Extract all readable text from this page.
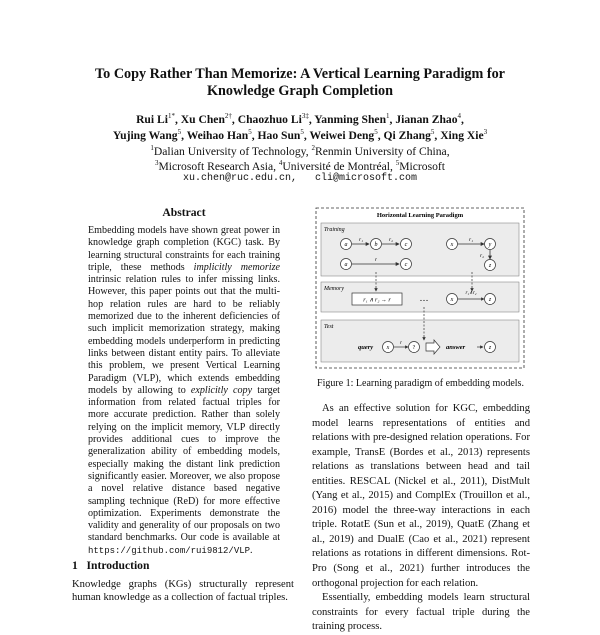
To Copy Rather Than Memorize: A Vertical Learning Paradigm for
Knowledge Graph Completion
Rui $Li^{1*}$, Xu Chen$^{2\dagger}$, Chaozhuo $Li^{3\ddagger}$, Yanming Shen$^1$, Jianan Zhao$^4$,
Yujing Wang$^5$, Weihao Han$^5$, Hao Sun$^5$, Weiwei Deng$^5$, Qi Zhang$^5$, Xing Xie$^3$
$^1$Dalian University of Technology, $^2$Renmin University of China,
$^3$Microsoft Research Asia, $^4$Université de Montréal, $^5$Microsoft
xu.chen@ruc.edu.cn,   cli@microsoft.com
Abstract

Embedding models have shown great power in knowledge graph completion (KGC) task. By learning structural constraints for each training triple, these methods implicitly memorize intrinsic relation rules to infer missing links. However, this paper points out that the multi-hop relation rules are hard to be reliably memorized due to the inherent deficiencies of such implicit memorization strategy, making embedding models underperform in predicting links between distant entity pairs. To alleviate this problem, we present Vertical Learning Paradigm (VLP), which extends embedding models by allowing to explicitly copy target information from related factual triples for more accurate prediction. Rather than solely relying on the implicit memory, VLP directly provides additional cues to improve the generalization ability of embedding models, especially making the distant link prediction significantly easier. Moreover, we also propose a novel relative distance based negative sampling technique (ReD) for more effective optimization. Experiments demonstrate the validity and generality of our proposals on two standard benchmarks. Our code is available at https://github.com/rui9812/VLP.

1   Introduction
Knowledge graphs (KGs) structurally represent human knowledge as a collection of factual triples.
Horizontal Learning Paradigm
Training
r₁	r₂
r
a	b	c
a	c
r₁
r₂
x	y
z
Memory
r₁ ∧ r₂ → r	…	x	z
r₁∧r₂
Test
query
r
x	?	answer	z
Figure 1: Learning paradigm of embedding models.

As an effective solution for KGC, embedding model learns representations of entities and relations with pre-designed relation operations. For example, TransE (Bordes et al., 2013) represents relations as translations between head and tail entities. RESCAL (Nickel et al., 2011), DistMult (Yang et al., 2015) and ComplEx (Trouillon et al., 2016) model the three-way interactions in each triple. RotatE (Sun et al., 2019), QuatE (Zhang et al., 2019) and DualE (Cao et al., 2021) represent relations as rotations in different dimensions. Rot-Pro (Song et al., 2021) further introduces the orthogonal projection for each relation.

Essentially, embedding models learn structural constraints for every factual triple during the training process.
